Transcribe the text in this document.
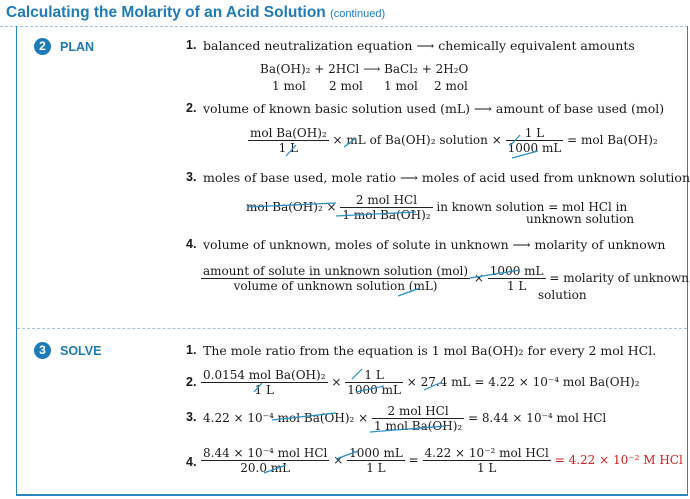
Calculating the Molarity of an Acid Solution (continued)
2	PLAN	1. balanced neutralization equation ⟶ chemically equivalent amounts
Ba(OH)₂ + 2HCl ⟶ BaCl₂ + 2H₂O
1 mol 2 mol 1 mol 2 mol
2. volume of known basic solution used (mL) ⟶ amount of base used (mol)
$\frac{\text{mol Ba(OH)₂}}{1 L}$ × mL of Ba(OH)₂ solution × $\frac{1 L}{1000 mL}$ = mol Ba(OH)₂
3. moles of base used, mole ratio ⟶ moles of acid used from unknown solution
mol $Ba(OH)_2 \times \frac{\text{2 mol HCl}}{\text{1 mol Ba(OH)₂}}$ in known solution = mol HCl in
unknown solution
4. volume of unknown, moles of solute in unknown ⟶ molarity of unknown
$\frac{\text{amount of solute in unknown solution (mol)}}{\text{volume of unknown solution (mL)}} \times \frac{1000 mL}{1 L}$ = molarity of unknown
solution
3	SOLVE	1. The mole ratio from the equation is 1 mol Ba(OH)₂ for every 2 mol HCl.
2. $\frac{\text{0.0154 mol Ba(OH)₂}}{1 L} \times \frac{1 L}{1000 mL} \times 27.4$ mL = 4.22 × 10⁻⁴ mol Ba(OH)₂
3. 4.22 × 10⁻⁴ mol $Ba(OH)_2 \times \frac{\text{2 mol HCl}}{\text{1 mol Ba(OH)₂}} = 8.44 \times 10^{-4}$ mol HCl
4. $\frac{\text{8.44 × 10⁻⁴ mol HCl}}{20.0 mL} \times \frac{1000 mL}{1 L} = \frac{\text{4.22 × 10⁻² mol HCl}}{1 L} = 4.22 \times 10^{-2}$ M HCl
